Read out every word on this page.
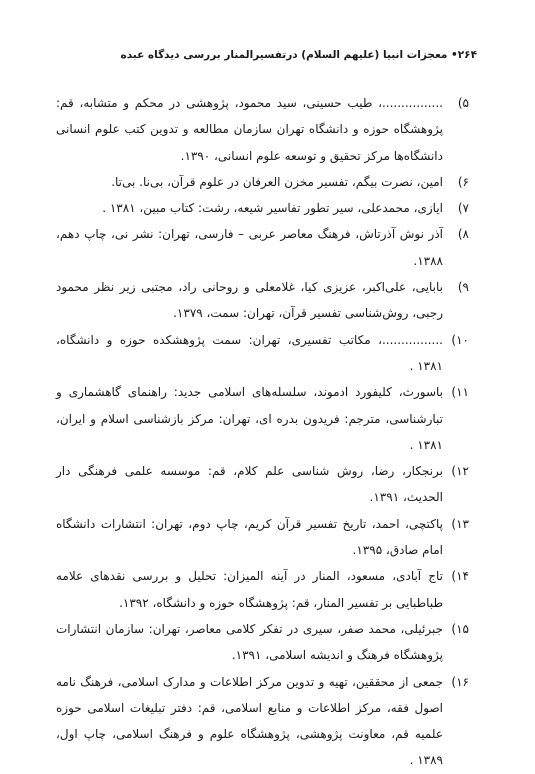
۲۶۴• معجزات انبیا (علیهم السلام) درتفسیرالمنار بررسی دیدگاه عبده
۵)
................، طیب حسینی، سید محمود، پژوهشی در محکم و متشابه، قم: پژوهشگاه حوزه و دانشگاه تهران سازمان مطالعه و تدوین کتب علوم انسانی دانشگاه‌ها مرکز تحقیق و توسعه علوم انسانی، ۱۳۹۰.
۶)
امین، نصرت بیگم، تفسیر مخزن العرفان در علوم قرآن، بی‌نا. بی‌تا.
۷)
ایازی، محمدعلی، سیر تطور تفاسیر شیعه، رشت: کتاب مبین، ۱۳۸۱ .
۸)
آذر نوش آذرتاش، فرهنگ معاصر عربی – فارسی، تهران: نشر نی، چاپ دهم، ۱۳۸۸.
۹)
بابایی، علی‌اکبر، عزیزی کیا، غلامعلی و روحانی راد، مجتبی زیر نظر محمود رجبی، روش‌شناسی تفسیر قرآن، تهران: سمت، ۱۳۷۹.
۱۰)
................، مکاتب تفسیری، تهران: سمت پژوهشکده حوزه و دانشگاه، ۱۳۸۱ .
۱۱)
باسورث، کلیفورد ادموند، سلسله‌های اسلامی جدید: راهنمای گاهشماری و تبارشناسی، مترجم: فریدون بدره ای، تهران: مرکز بازشناسی اسلام و ایران، ۱۳۸۱ .
۱۲)
برنجکار، رضا، روش شناسی علم کلام، قم: موسسه علمی فرهنگی دار الحدیث، ۱۳۹۱.
۱۳)
پاکتچی، احمد، تاریخ تفسیر قرآن کریم، چاپ دوم، تهران: انتشارات دانشگاه امام صادق، ۱۳۹۵.
۱۴)
تاج آبادی، مسعود، المنار در آینه المیزان: تحلیل و بررسی نقدهای علامه طباطبایی بر تفسیر المنار، قم: پژوهشگاه حوزه و دانشگاه، ۱۳۹۲.
۱۵)
جبرئیلی، محمد صفر، سیری در تفکر کلامی معاصر، تهران: سازمان انتشارات پژوهشگاه فرهنگ و اندیشه اسلامی، ۱۳۹۱.
۱۶)
جمعی از محققین، تهیه و تدوین مرکز اطلاعات و مدارک اسلامی، فرهنگ نامه اصول فقه، مرکز اطلاعات و منابع اسلامی، قم: دفتر تبلیغات اسلامی حوزه علمیه قم، معاونت پژوهشی، پژوهشگاه علوم و فرهنگ اسلامی، چاپ اول، ۱۳۸۹ .
